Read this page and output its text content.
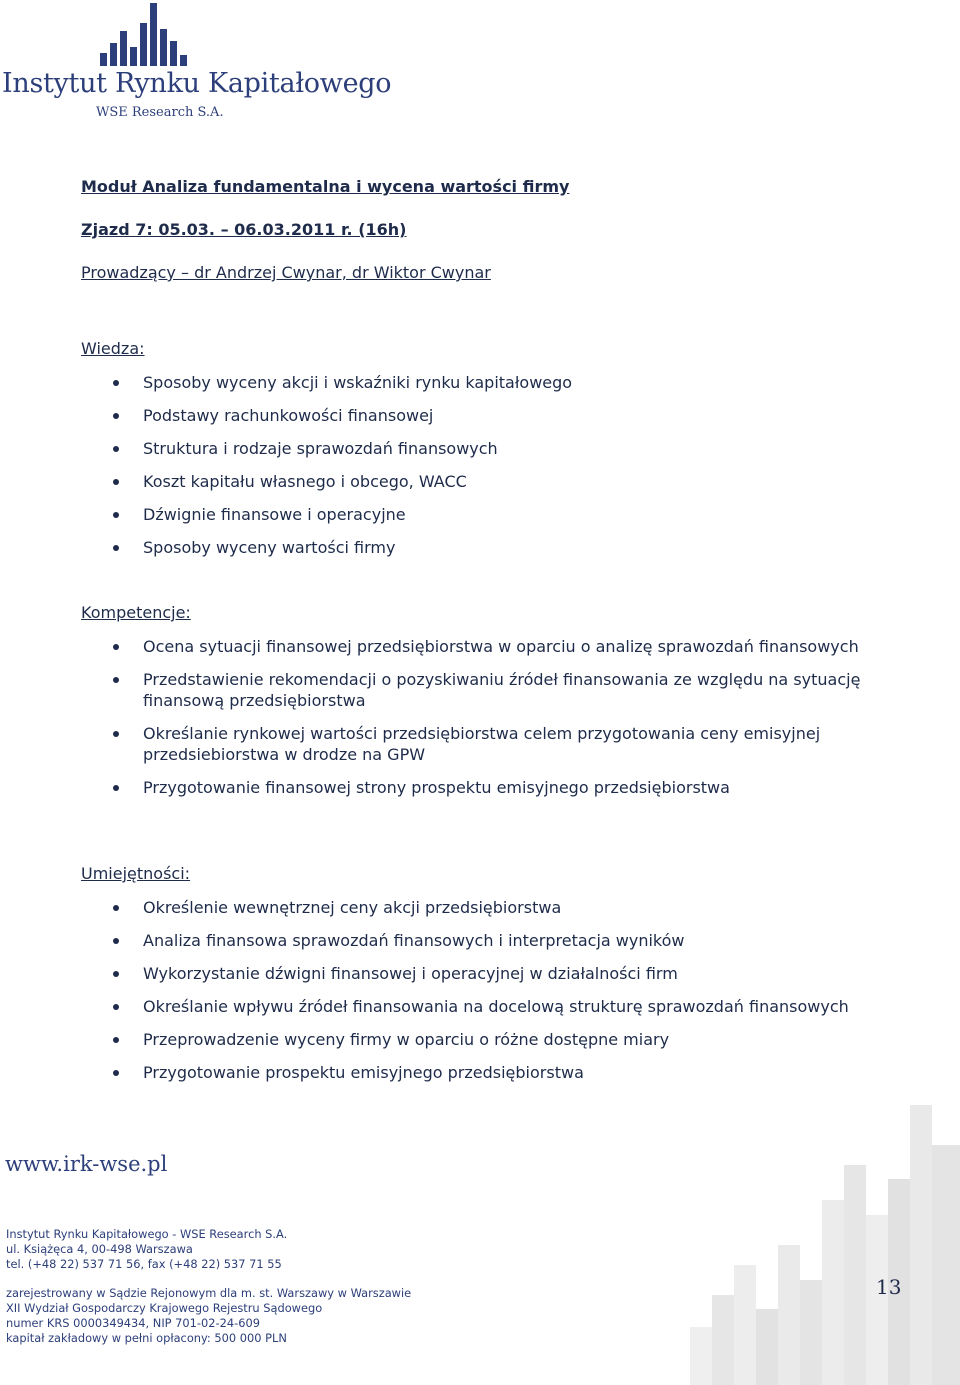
Instytut Rynku Kapitałowego
WSE Research S.A.
Moduł Analiza fundamentalna i wycena wartości firmy
Zjazd 7: 05.03. – 06.03.2011 r. (16h)
Prowadzący – dr Andrzej Cwynar, dr Wiktor Cwynar
Wiedza:
Sposoby wyceny akcji i wskaźniki rynku kapitałowego
Podstawy rachunkowości finansowej
Struktura i rodzaje sprawozdań finansowych
Koszt kapitału własnego i obcego, WACC
Dźwignie finansowe i operacyjne
Sposoby wyceny wartości firmy
Kompetencje:
Ocena sytuacji finansowej przedsiębiorstwa w oparciu o analizę sprawozdań finansowych
Przedstawienie rekomendacji o pozyskiwaniu źródeł finansowania ze względu na sytuację finansową przedsiębiorstwa
Określanie rynkowej wartości przedsiębiorstwa celem przygotowania ceny emisyjnej przedsiebiorstwa w drodze na GPW
Przygotowanie finansowej strony prospektu emisyjnego przedsiębiorstwa
Umiejętności:
Określenie wewnętrznej ceny akcji przedsiębiorstwa
Analiza finansowa sprawozdań finansowych i interpretacja wyników
Wykorzystanie dźwigni finansowej i operacyjnej w działalności firm
Określanie wpływu źródeł finansowania na docelową strukturę sprawozdań finansowych
Przeprowadzenie wyceny firmy w oparciu o różne dostępne miary
Przygotowanie prospektu emisyjnego przedsiębiorstwa
www.irk-wse.pl
Instytut Rynku Kapitałowego - WSE Research S.A.
ul. Książęca 4, 00-498 Warszawa
tel. (+48 22) 537 71 56, fax (+48 22) 537 71 55
zarejestrowany w Sądzie Rejonowym dla m. st. Warszawy w Warszawie
XII Wydział Gospodarczy Krajowego Rejestru Sądowego
numer KRS 0000349434, NIP 701-02-24-609
kapitał zakładowy w pełni opłacony: 500 000 PLN
13
